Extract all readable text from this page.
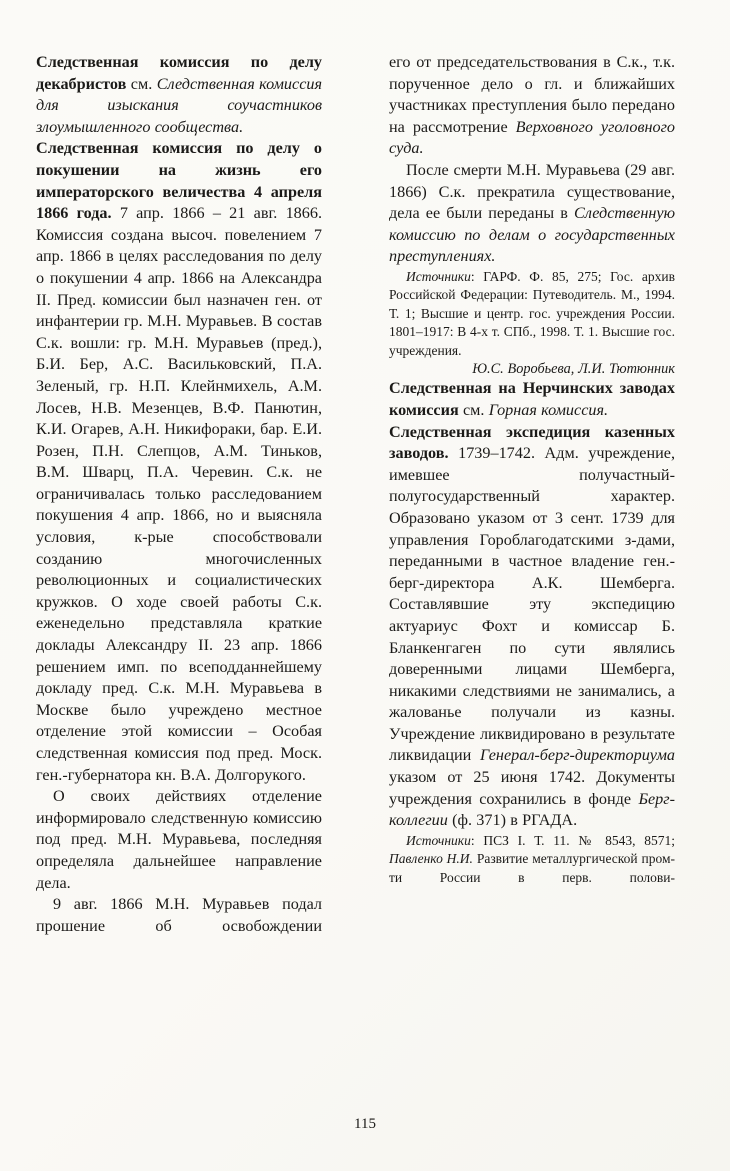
Следственная комиссия по делу декабристов см. Следственная комиссия для изыскания соучастников злоумышленного сообщества.

Следственная комиссия по делу о покушении на жизнь его императорского величества 4 апреля 1866 года. 7 апр. 1866 – 21 авг. 1866. Комиссия создана высоч. повелением 7 апр. 1866 в целях расследования по делу о покушении 4 апр. 1866 на Александра II. Пред. комиссии был назначен ген. от инфантерии гр. М.Н. Муравьев. В состав С.к. вошли: гр. М.Н. Муравьев (пред.), Б.И. Бер, А.С. Васильковский, П.А. Зеленый, гр. Н.П. Клейнмихель, А.М. Лосев, Н.В. Мезенцев, В.Ф. Панютин, К.И. Огарев, А.Н. Никифораки, бар. Е.И. Розен, П.Н. Слепцов, А.М. Тиньков, В.М. Шварц, П.А. Черевин. С.к. не ограничивалась только расследованием покушения 4 апр. 1866, но и выясняла условия, к-рые способствовали созданию многочисленных революционных и социалистических кружков. О ходе своей работы С.к. еженедельно представляла краткие доклады Александру II. 23 апр. 1866 решением имп. по всеподданнейшему докладу пред. С.к. М.Н. Муравьева в Москве было учреждено местное отделение этой комиссии – Особая следственная комиссия под пред. Моск. ген.-губернатора кн. В.А. Долгорукого.

О своих действиях отделение информировало следственную комиссию под пред. М.Н. Муравьева, последняя определяла дальнейшее направление дела.

9 авг. 1866 М.Н. Муравьев подал прошение об освобождении

его от председательствования в С.к., т.к. порученное дело о гл. и ближайших участниках преступления было передано на рассмотрение Верховного уголовного суда.

После смерти М.Н. Муравьева (29 авг. 1866) С.к. прекратила существование, дела ее были переданы в Следственную комиссию по делам о государственных преступлениях.

Источники: ГАРФ. Ф. 85, 275; Гос. архив Российской Федерации: Путеводитель. М., 1994. Т. 1; Высшие и центр. гос. учреждения России. 1801–1917: В 4-х т. СПб., 1998. Т. 1. Высшие гос. учреждения.

Ю.С. Воробьева, Л.И. Тютюнник

Следственная на Нерчинских заводах комиссия см. Горная комиссия.

Следственная экспедиция казенных заводов. 1739–1742. Адм. учреждение, имевшее получастный-полугосударственный характер. Образовано указом от 3 сент. 1739 для управления Гороблагодатскими з-дами, переданными в частное владение ген.-берг-директора А.К. Шемберга. Составлявшие эту экспедицию актуариус Фохт и комиссар Б. Бланкенгаген по сути являлись доверенными лицами Шемберга, никакими следствиями не занимались, а жалованье получали из казны. Учреждение ликвидировано в результате ликвидации Генерал-берг-директориума указом от 25 июня 1742. Документы учреждения сохранились в фонде Берг-коллегии (ф. 371) в РГАДА.

Источники: ПСЗ I. Т. 11. № 8543, 8571; Павленко Н.И. Развитие металлургической пром-ти России в перв. полови-

115
